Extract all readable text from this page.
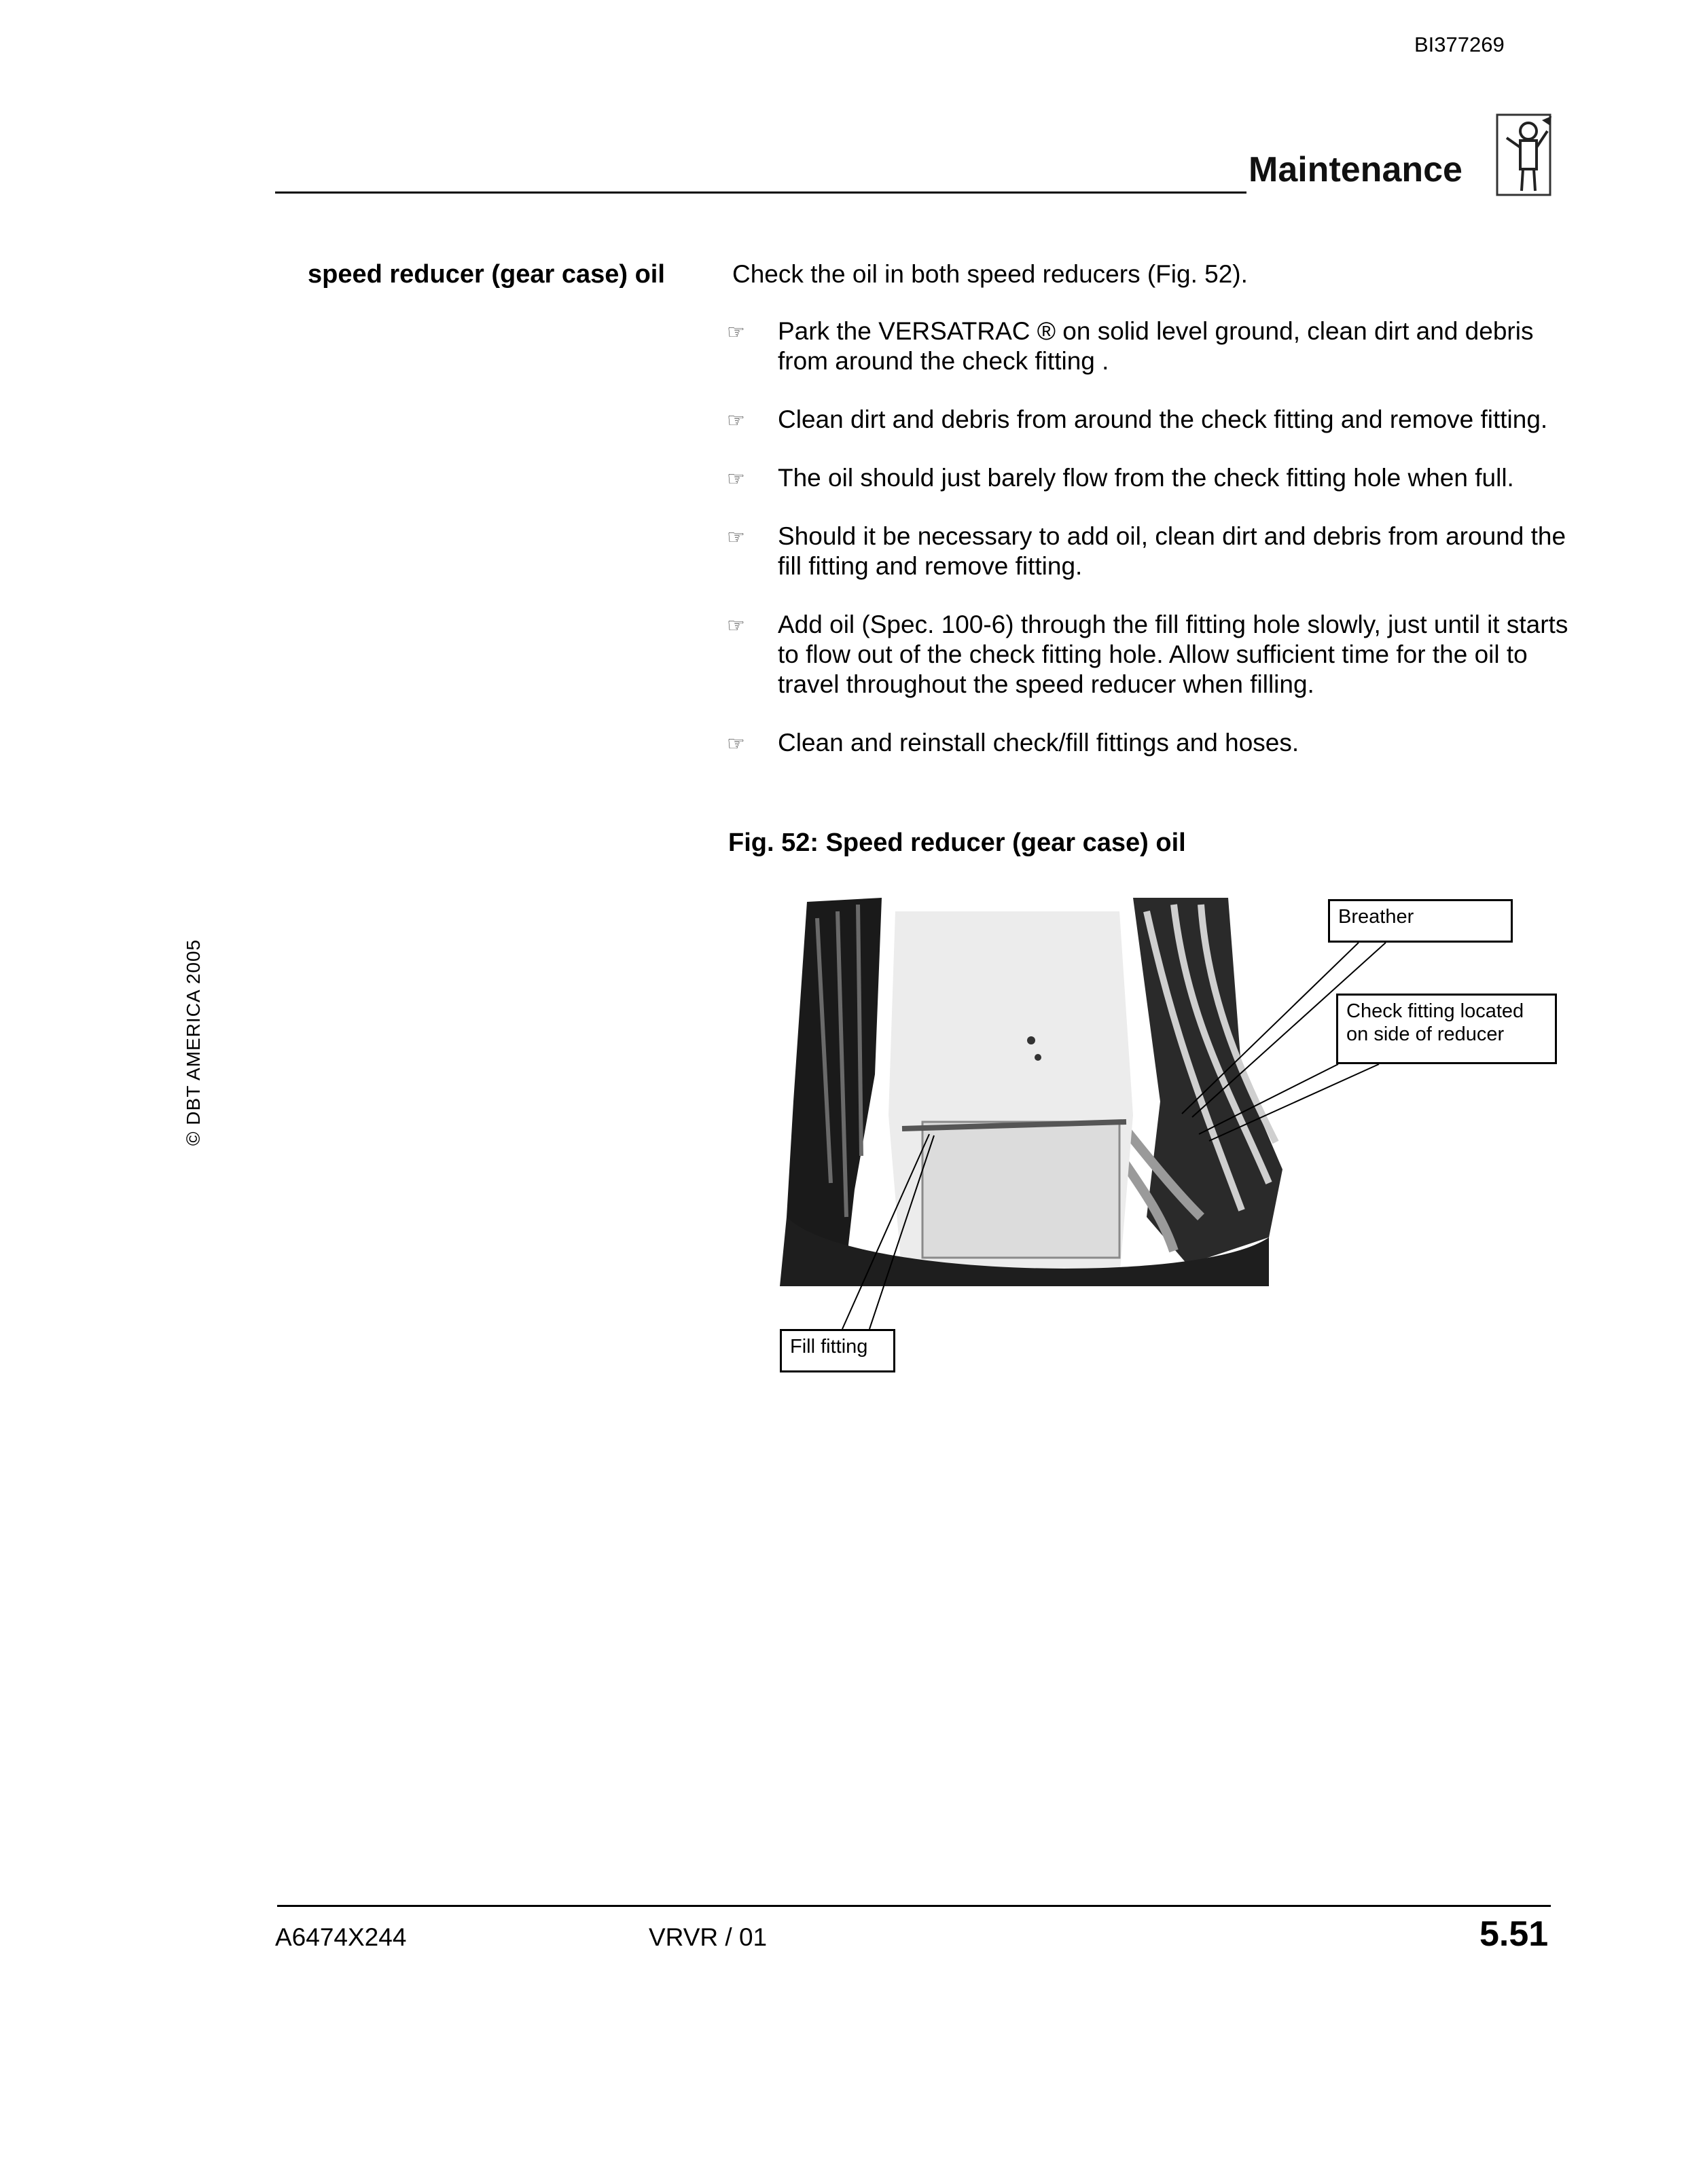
BI377269
Maintenance
© DBT AMERICA 2005
speed reducer (gear case) oil	Check the oil in both speed reducers (Fig. 52).
☞ Park the VERSATRAC ® on solid level ground, clean dirt and debris from around the check fitting .
☞ Clean dirt and debris from around the check fitting and remove fitting.
☞ The oil should just barely flow from the check fitting hole when full.
☞ Should it be necessary to add oil, clean dirt and debris from around the fill fitting and remove fitting.
☞ Add oil (Spec. 100-6) through the fill fitting hole slowly, just until it starts to flow out of the check fitting hole. Allow sufficient time for the oil to travel throughout the speed reducer when filling.
☞ Clean and reinstall check/fill fittings and hoses.
Fig. 52: Speed reducer (gear case) oil
Breather
Check fitting located
on side of reducer
Fill fitting
A6474X244	VRVR / 01	5.51
